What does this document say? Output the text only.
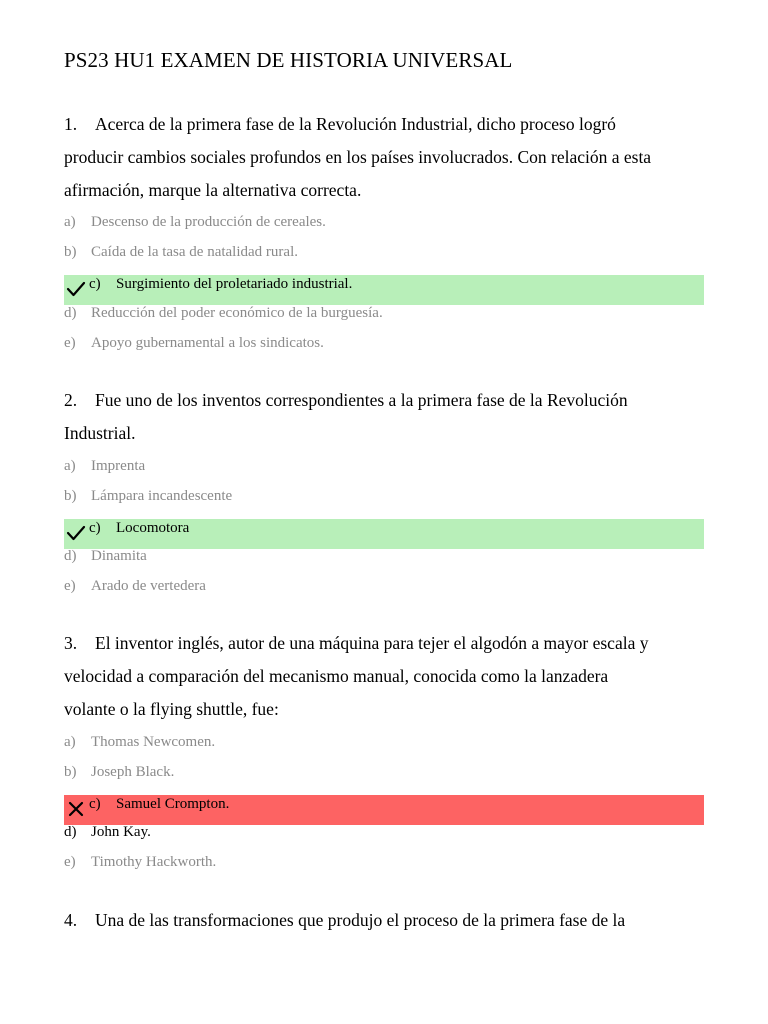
PS23 HU1 EXAMEN DE HISTORIA UNIVERSAL
1. Acerca de la primera fase de la Revolución Industrial, dicho proceso logró
producir cambios sociales profundos en los países involucrados. Con relación a esta
afirmación, marque la alternativa correcta.
a) Descenso de la producción de cereales.
b) Caída de la tasa de natalidad rural.
c) Surgimiento del proletariado industrial.
d) Reducción del poder económico de la burguesía.
e) Apoyo gubernamental a los sindicatos.
2. Fue uno de los inventos correspondientes a la primera fase de la Revolución
Industrial.
a) Imprenta
b) Lámpara incandescente
c) Locomotora
d) Dinamita
e) Arado de vertedera
3. El inventor inglés, autor de una máquina para tejer el algodón a mayor escala y
velocidad a comparación del mecanismo manual, conocida como la lanzadera
volante o la flying shuttle, fue:
a) Thomas Newcomen.
b) Joseph Black.
c) Samuel Crompton.
d) John Kay.
e) Timothy Hackworth.
4. Una de las transformaciones que produjo el proceso de la primera fase de la
